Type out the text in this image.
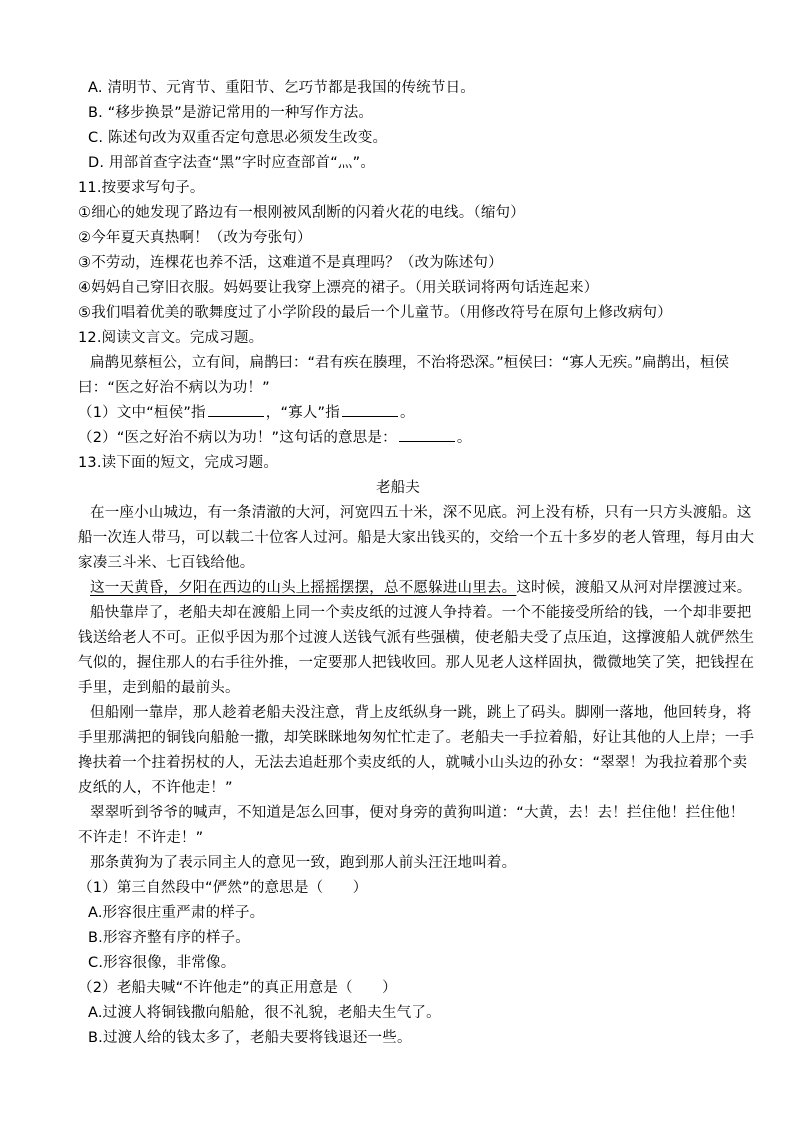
A. 清明节、元宵节、重阳节、乞巧节都是我国的传统节日。
B. “移步换景”是游记常用的一种写作方法。
C. 陈述句改为双重否定句意思必须发生改变。
D. 用部首查字法查“黑”字时应查部首“灬”。
11.按要求写句子。
①细心的她发现了路边有一根刚被风刮断的闪着火花的电线。（缩句）
②今年夏天真热啊！（改为夸张句）
③不劳动，连棵花也养不活，这难道不是真理吗？（改为陈述句）
④妈妈自己穿旧衣服。妈妈要让我穿上漂亮的裙子。（用关联词将两句话连起来）
⑤我们唱着优美的歌舞度过了小学阶段的最后一个儿童节。（用修改符号在原句上修改病句）
12.阅读文言文。完成习题。
扁鹊见蔡桓公，立有间，扁鹊曰：“君有疾在腠理，不治将恐深。”桓侯曰：“寡人无疾。”扁鹊出，桓侯
曰：“医之好治不病以为功！”
（1）文中“桓侯”指	，“寡人”指	。
（2）“医之好治不病以为功！”这句话的意思是：	。
13.读下面的短文，完成习题。
老船夫
在一座小山城边，有一条清澈的大河，河宽四五十米，深不见底。河上没有桥，只有一只方头渡船。这
船一次连人带马，可以载二十位客人过河。船是大家出钱买的，交给一个五十多岁的老人管理，每月由大
家凑三斗米、七百钱给他。
这一天黄昏，夕阳在西边的山头上摇摇摆摆，总不愿躲进山里去。这时候，渡船又从河对岸摆渡过来。
船快靠岸了，老船夫却在渡船上同一个卖皮纸的过渡人争持着。一个不能接受所给的钱，一个却非要把
钱送给老人不可。正似乎因为那个过渡人送钱气派有些强横，使老船夫受了点压迫，这撑渡船人就俨然生
气似的，握住那人的右手往外推，一定要那人把钱收回。那人见老人这样固执，微微地笑了笑，把钱捏在
手里，走到船的最前头。
但船刚一靠岸，那人趁着老船夫没注意，背上皮纸纵身一跳，跳上了码头。脚刚一落地，他回转身，将
手里那满把的铜钱向船舱一撒，却笑眯眯地匆匆忙忙走了。老船夫一手拉着船，好让其他的人上岸；一手
搀扶着一个拄着拐杖的人，无法去追赶那个卖皮纸的人，就喊小山头边的孙女：“翠翠！为我拉着那个卖
皮纸的人，不许他走！”
翠翠听到爷爷的喊声，不知道是怎么回事，便对身旁的黄狗叫道：“大黄，去！去！拦住他！拦住他！
不许走！不许走！”
那条黄狗为了表示同主人的意见一致，跑到那人前头汪汪地叫着。
（1）第三自然段中“俨然”的意思是（　　）
A.形容很庄重严肃的样子。
B.形容齐整有序的样子。
C.形容很像，非常像。
（2）老船夫喊“不许他走”的真正用意是（　　）
A.过渡人将铜钱撒向船舱，很不礼貌，老船夫生气了。
B.过渡人给的钱太多了，老船夫要将钱退还一些。
